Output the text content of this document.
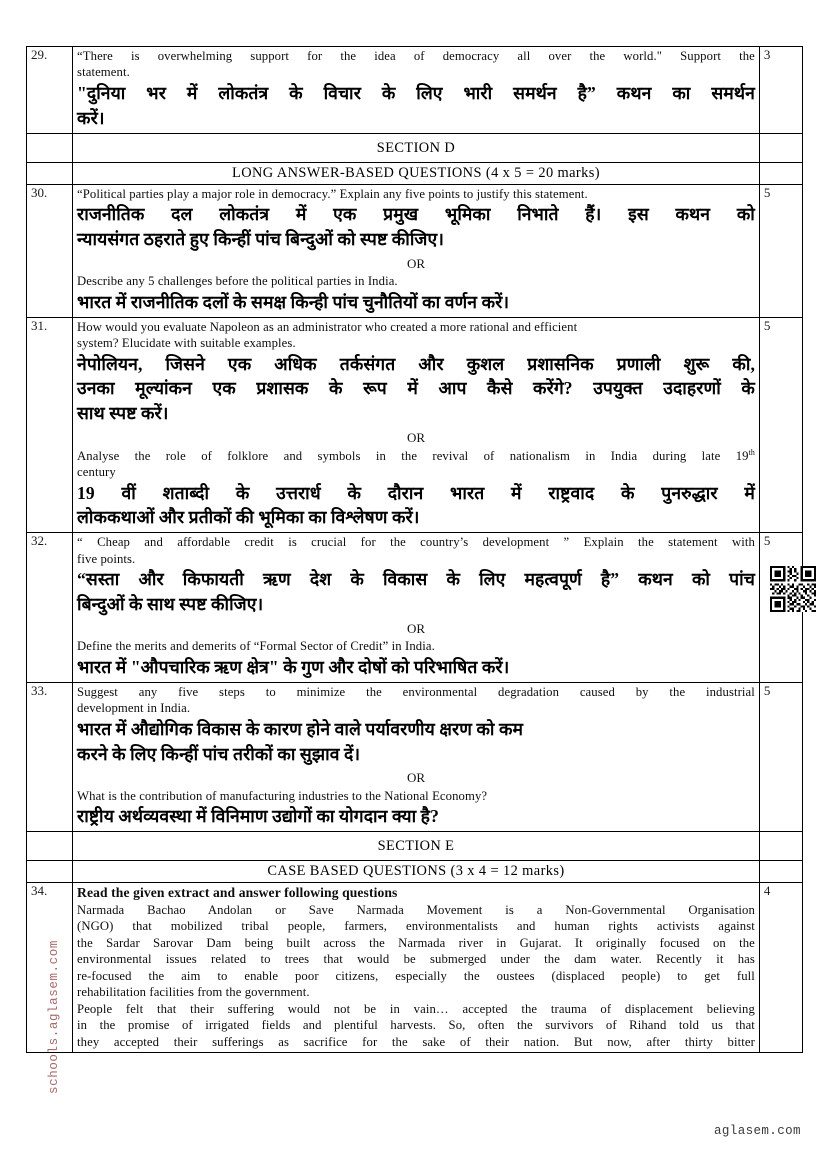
29.	“There is overwhelming support for the idea of democracy all over the world." Support the
statement.
"दुनिया भर में लोकतंत्र के विचार के लिए भारी समर्थन है” कथन का समर्थन
करें।	3
	SECTION D	
	LONG ANSWER-BASED QUESTIONS (4 x 5 = 20 marks)	
30.	“Political parties play a major role in democracy.” Explain any five points to justify this statement.
राजनीतिक दल लोकतंत्र में एक प्रमुख भूमिका निभाते हैं। इस कथन को
न्यायसंगत ठहराते हुए किन्हीं पांच बिन्दुओं को स्पष्ट कीजिए।
OR
Describe any 5 challenges before the political parties in India.
भारत में राजनीतिक दलों के समक्ष किन्ही पांच चुनौतियों का वर्णन करें।
	5
31.	How would you evaluate Napoleon as an administrator who created a more rational and efficient
system? Elucidate with suitable examples.
नेपोलियन, जिसने एक अधिक तर्कसंगत और कुशल प्रशासनिक प्रणाली शुरू की,
उनका मूल्यांकन एक प्रशासक के रूप में आप कैसे करेंगे? उपयुक्त उदाहरणों के
साथ स्पष्ट करें।
OR
Analyse the role of folklore and symbols in the revival of nationalism in India during late 19th
century
19 वीं शताब्दी के उत्तरार्ध के दौरान भारत में राष्ट्रवाद के पुनरुद्धार में
लोककथाओं और प्रतीकों की भूमिका का विश्लेषण करें।
	5
32.	“ Cheap and affordable credit is crucial for the country’s development ” Explain the statement with
five points.
“सस्ता और किफायती ऋण देश के विकास के लिए महत्वपूर्ण है” कथन को पांच
बिन्दुओं के साथ स्पष्ट कीजिए।
OR
Define the merits and demerits of “Formal Sector of Credit” in India.
भारत में "औपचारिक ऋण क्षेत्र" के गुण और दोषों को परिभाषित करें।
	5
33.	Suggest any five steps to minimize the environmental degradation caused by the industrial
development in India.
भारत में औद्योगिक विकास के कारण होने वाले पर्यावरणीय क्षरण को कम
करने के लिए किन्हीं पांच तरीकों का सुझाव दें।
OR
What is the contribution of manufacturing industries to the National Economy?
राष्ट्रीय अर्थव्यवस्था में विनिमाण उद्योगों का योगदान क्या है?
	5
	SECTION E	
	CASE BASED QUESTIONS (3 x 4 = 12 marks)	
34.	Read the given extract and answer following questions
Narmada Bachao Andolan or Save Narmada Movement is a Non-Governmental Organisation
(NGO) that mobilized tribal people, farmers, environmentalists and human rights activists against
the Sardar Sarovar Dam being built across the Narmada river in Gujarat. It originally focused on the
environmental issues related to trees that would be submerged under the dam water. Recently it has
re-focused the aim to enable poor citizens, especially the oustees (displaced people) to get full
rehabilitation facilities from the government.
People felt that their suffering would not be in vain… accepted the trauma of displacement believing
in the promise of irrigated fields and plentiful harvests. So, often the survivors of Rihand told us that
they accepted their sufferings as sacrifice for the sake of their nation. But now, after thirty bitter
	4
schools.aglasem.com
aglasem.com
